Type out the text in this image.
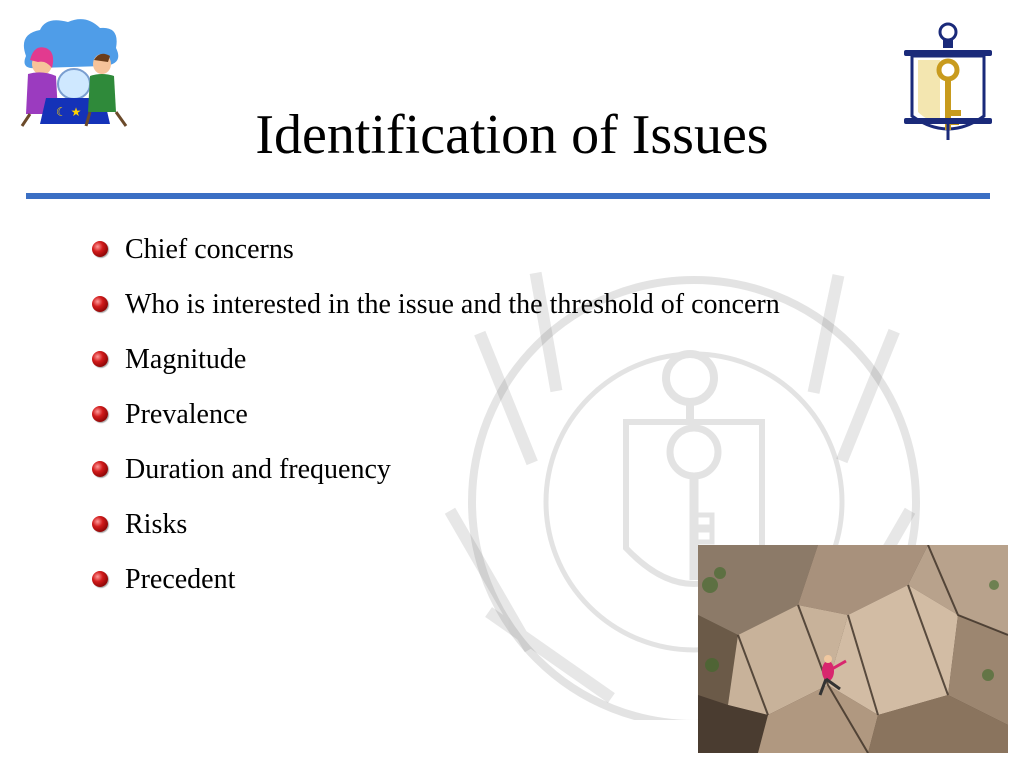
☾ ★	Identification of Issues
Chief concerns
Who is interested in the issue and the threshold of concern
Magnitude
Prevalence
Duration and frequency
Risks
Precedent
